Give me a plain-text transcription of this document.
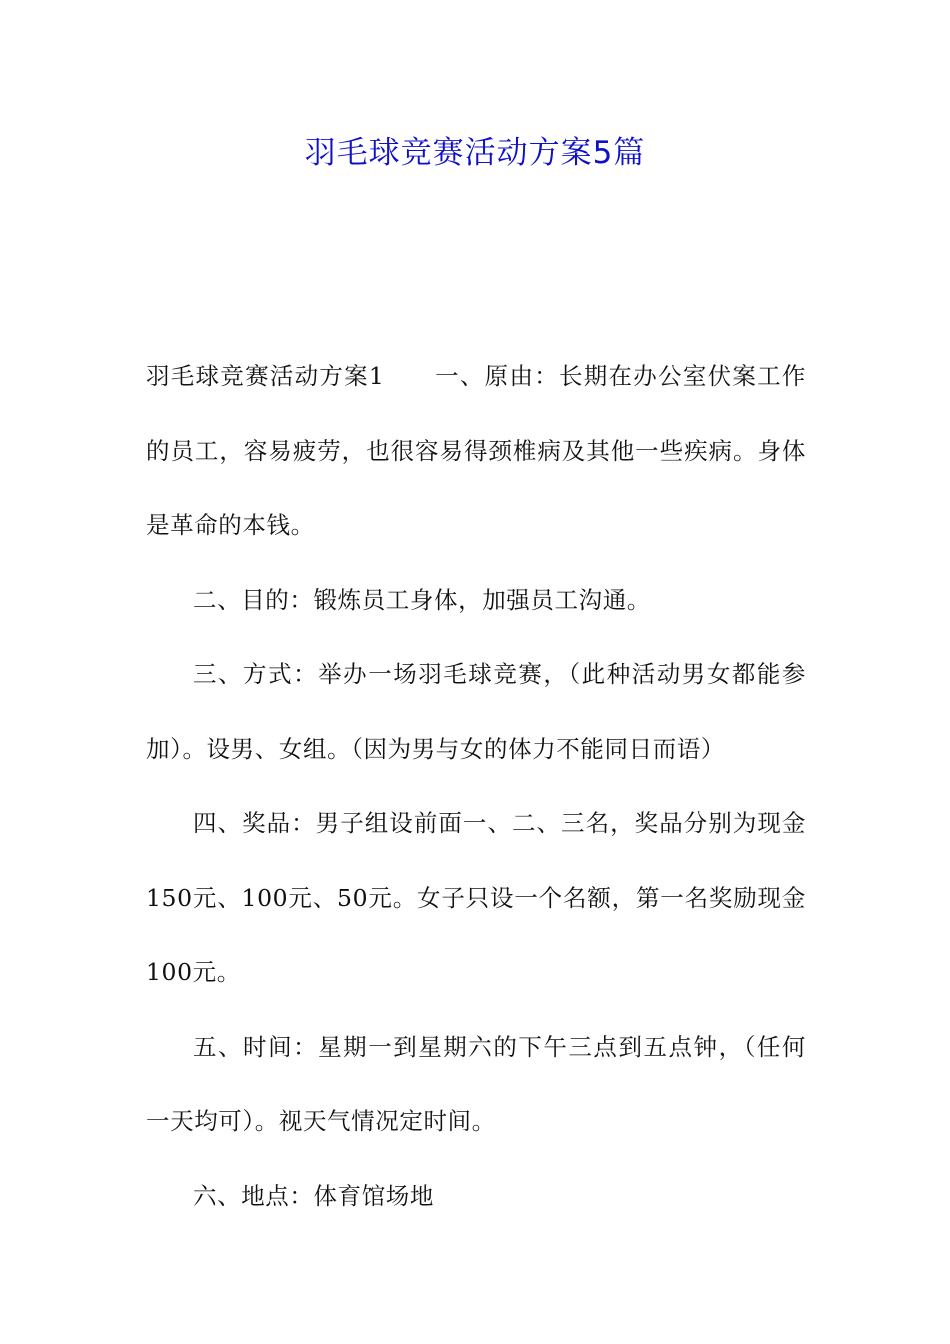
羽毛球竞赛活动方案5篇

羽毛球竞赛活动方案1 一、原由：长期在办公室伏案工作的员工，容易疲劳，也很容易得颈椎病及其他一些疾病。身体是革命的本钱。

二、目的：锻炼员工身体，加强员工沟通。

三、方式：举办一场羽毛球竞赛，（此种活动男女都能参加）。设男、女组。（因为男与女的体力不能同日而语）

四、奖品：男子组设前面一、二、三名，奖品分别为现金150元、100元、50元。女子只设一个名额，第一名奖励现金100元。

五、时间：星期一到星期六的下午三点到五点钟，（任何一天均可）。视天气情况定时间。

六、地点：体育馆场地
